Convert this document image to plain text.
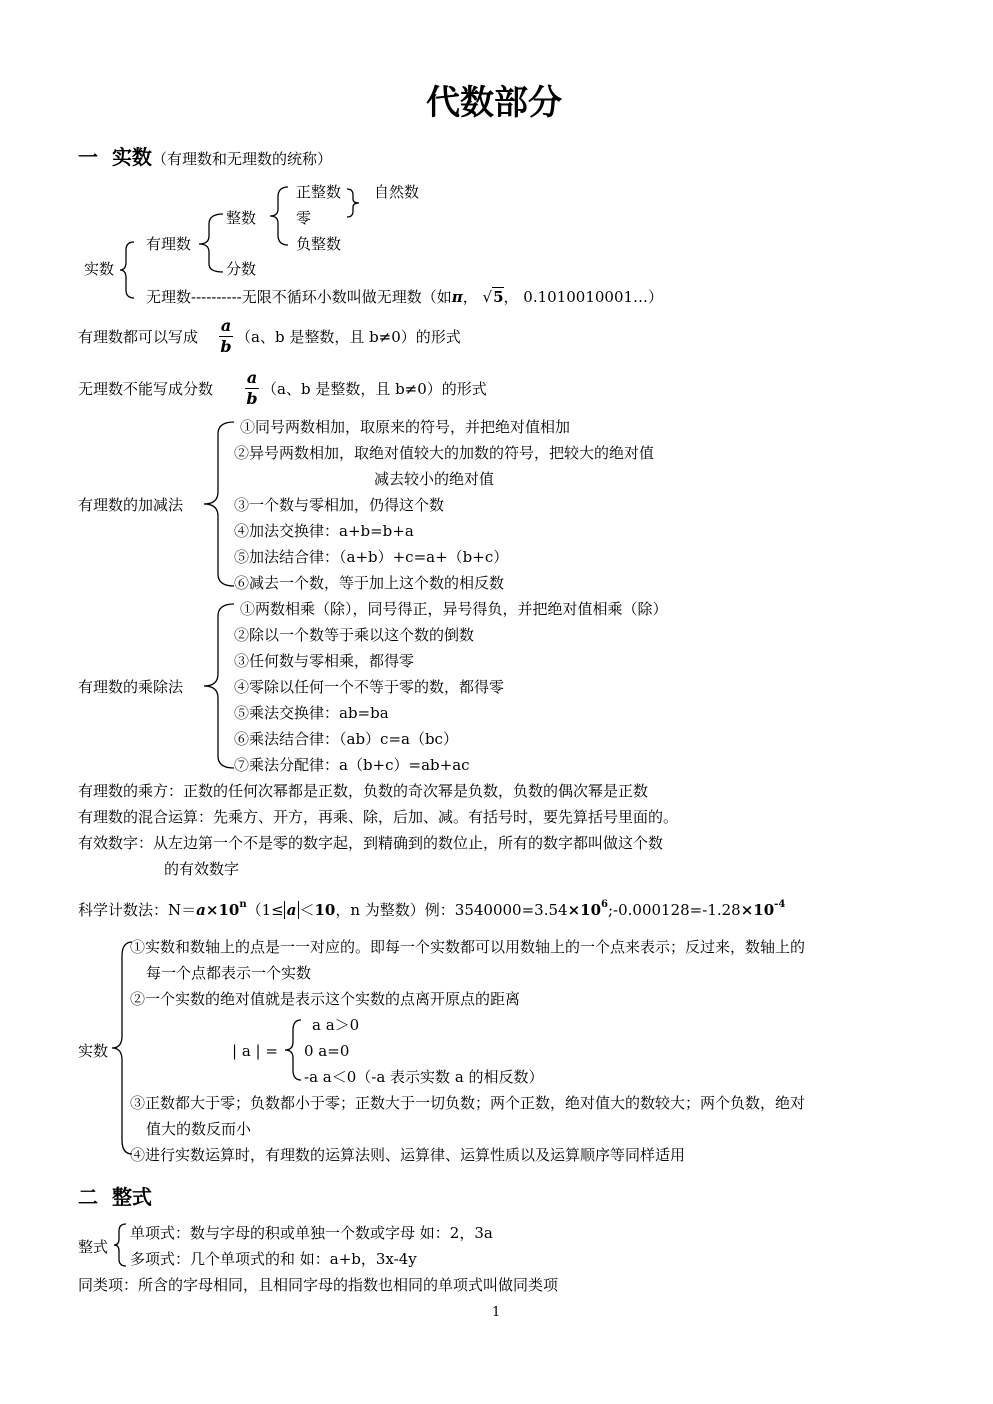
代数部分
一 实数（有理数和无理数的统称）
实数
有理数
整数
分数
正整数
零
负整数
自然数
无理数----------无限不循环小数叫做无理数（如π， √5， 0.1010010001…）
有理数都可以写成
a
b （a、b 是整数，且 b≠0）的形式
无理数不能写成分数
a
b （a、b 是整数，且 b≠0）的形式
有理数的加减法
①同号两数相加，取原来的符号，并把绝对值相加
②异号两数相加，取绝对值较大的加数的符号，把较大的绝对值
减去较小的绝对值
③一个数与零相加，仍得这个数
④加法交换律：a+b=b+a
⑤加法结合律：（a+b）+c=a+（b+c）
⑥减去一个数，等于加上这个数的相反数
有理数的乘除法
①两数相乘（除），同号得正，异号得负，并把绝对值相乘（除）
②除以一个数等于乘以这个数的倒数
③任何数与零相乘，都得零
④零除以任何一个不等于零的数，都得零
⑤乘法交换律：ab=ba
⑥乘法结合律：（ab）c=a（bc）
⑦乘法分配律：a（b+c）=ab+ac
有理数的乘方：正数的任何次幂都是正数，负数的奇次幂是负数，负数的偶次幂是正数
有理数的混合运算：先乘方、开方，再乘、除，后加、减。有括号时，要先算括号里面的。
有效数字：从左边第一个不是零的数字起，到精确到的数位止，所有的数字都叫做这个数
的有效数字
科学计数法：$N=a\times 10^n(1\le a <10$，n 为整数）例：$3540000=3.54\times 10^6;-0.000128=-1.28\times 10^{-4}$
实数
①实数和数轴上的点是一一对应的。即每一个实数都可以用数轴上的一个点来表示；反过来，数轴上的
每一个点都表示一个实数
②一个实数的绝对值就是表示这个实数的点离开原点的距离
| a | =
a a＞0
0 a=0
-a a＜0（-a 表示实数 a 的相反数）
③正数都大于零；负数都小于零；正数大于一切负数；两个正数，绝对值大的数较大；两个负数，绝对
值大的数反而小
④进行实数运算时，有理数的运算法则、运算律、运算性质以及运算顺序等同样适用
二 整式
整式
单项式：数与字母的积或单独一个数或字母 如：2，3a
多项式：几个单项式的和 如：a+b，3x-4y
同类项：所含的字母相同，且相同字母的指数也相同的单项式叫做同类项
1
